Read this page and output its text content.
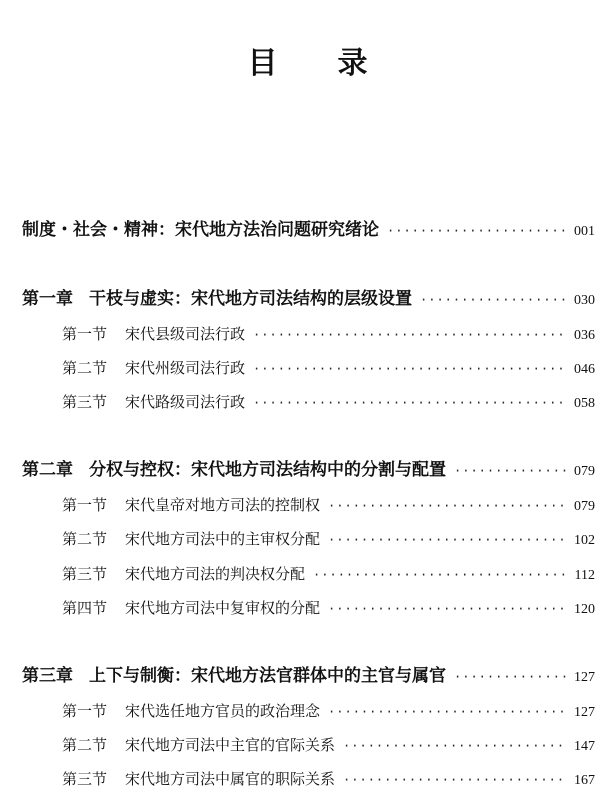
目 录
制度・社会・精神：宋代地方法治问题研究绪论 ·····	001
第一章 干枝与虚实：宋代地方司法结构的层级设置 ·····	030
第一节 宋代县级司法行政 ·····	036
第二节 宋代州级司法行政 ·····	046
第三节 宋代路级司法行政 ·····	058
第二章 分权与控权：宋代地方司法结构中的分割与配置 ·····	079
第一节 宋代皇帝对地方司法的控制权 ·····	079
第二节 宋代地方司法中的主审权分配 ·····	102
第三节 宋代地方司法的判决权分配 ·····	112
第四节 宋代地方司法中复审权的分配 ·····	120
第三章 上下与制衡：宋代地方法官群体中的主官与属官 ·····	127
第一节 宋代选任地方官员的政治理念 ·····	127
第二节 宋代地方司法中主官的官际关系 ·····	147
第三节 宋代地方司法中属官的职际关系 ·····	167
